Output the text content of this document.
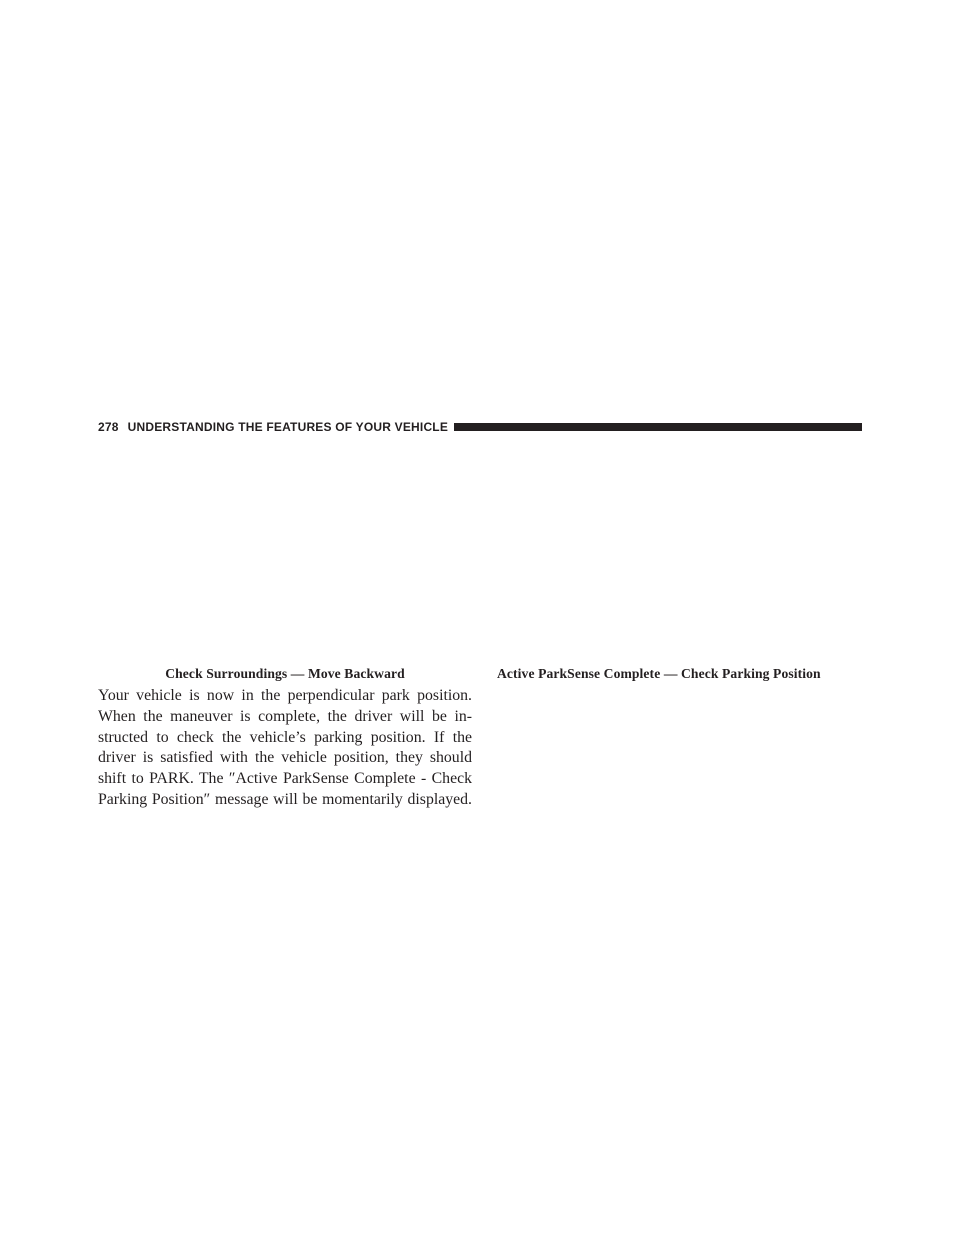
278 UNDERSTANDING THE FEATURES OF YOUR VEHICLE
Check Surroundings — Move Backward	Active ParkSense Complete — Check Parking Position
Your vehicle is now in the perpendicular park position.
When the maneuver is complete, the driver will be in-
structed to check the vehicle’s parking position. If the
driver is satisfied with the vehicle position, they should
shift to PARK. The ″Active ParkSense Complete - Check
Parking Position″ message will be momentarily displayed.
